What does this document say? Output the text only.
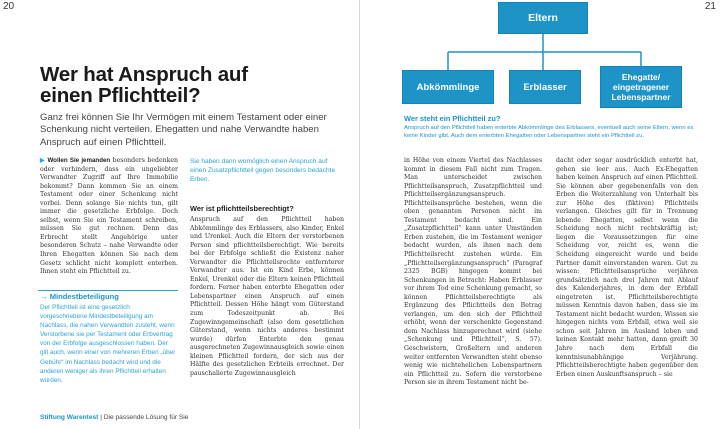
20
Wer hat Anspruch auf
einen Pflichtteil?
Ganz frei können Sie Ihr Vermögen mit einem Testament oder einer Schenkung nicht verteilen. Ehegatten und nahe Verwandte haben Anspruch auf einen Pflichtteil.

▶ Wollen Sie jemanden besonders bedenken oder verhindern, dass ein ungeliebter Verwandter Zugriff auf Ihre Immobilie bekommt? Dann kommen Sie an einem Testament oder einer Schenkung nicht vorbei. Denn solange Sie nichts tun, gilt immer die gesetzliche Erbfolge. Doch selbst, wenn Sie ein Testament schreiben, müssen Sie gut rechnen. Denn das Erbrecht stellt Angehörige unter besonderen Schutz – nahe Verwandte oder Ihren Ehegatten können Sie nach dem Gesetz schlicht nicht komplett enterben. Ihnen steht ein Pflichtteil zu.

→ Mindestbeteiligung
Der Pflichtteil ist eine gesetzlich vorgeschriebene Mindestbeteiligung am Nachlass, die nahen Verwandten zusteht, wenn Verstorbene sie per Testament oder Erbvertrag von der Erbfolge ausgeschlossen haben. Der gilt auch, wenn einer von mehreren Erben „über Gebühr“ im Nachlass bedacht wird und die anderen weniger als ihren Pflichtteil erhalten würden.
Sie haben dann womöglich einen Anspruch auf einen Zusatzpflichtteil gegen besonders bedachte Erben.
Wer ist pflichtteilsberechtigt?

Anspruch auf den Pflichtteil haben Abkömmlinge des Erblassers, also Kinder, Enkel und Urenkel. Auch die Eltern der verstorbenen Person sind pflichtteilsberechtigt. Wie bereits bei der Erbfolge schließt die Existenz naher Verwandter die Pflichtteilsrechte entfernterer Verwandter aus. Ist ein Kind Erbe, können Enkel, Urenkel oder die Eltern keinen Pflichtteil fordern. Ferner haben enterbte Ehegatten oder Lebenspartner einen Anspruch auf einen Pflichtteil. Dessen Höhe hängt vom Güterstand zum Todeszeitpunkt ab. Bei Zugewinngemeinschaft (also dem gesetzlichen Güterstand, wenn nichts anderes bestimmt wurde) dürfen Enterbte den genau ausgerechneten Zugewinnausgleich sowie einen kleinen Pflichtteil fordern, der sich aus der Hälfte des gesetzlichen Erbteils errechnet. Der pauschalierte Zugewinnausgleich

Stiftung Warentest | Die passende Lösung für Sie
21
Eltern
Abkömmlinge	Erblasser
Ehegatte/
eingetragener
Lebenspartner
Wer steht ein Pflichtteil zu?
Anspruch auf den Pflichtteil haben enterbte Abkömmlinge des Erblassers, eventuell auch seine Eltern, wenn es keine Kinder gibt. Auch dem enterbten Ehegatten oder Lebenspartner steht ein Pflichtteil zu.

in Höhe von einem Viertel des Nachlasses kommt in diesem Fall nicht zum Tragen. Man unterscheidet zwischen Pflichtteilsanspruch, Zusatzpflichtteil und Pflichtteilsergänzungsanspruch. Pflichtteilsansprüche bestehen, wenn die oben genannten Personen nicht im Testament bedacht sind. Ein „Zusatzpflichtteil“ kann unter Umständen Erben zustehen, die im Testament weniger bedacht wurden, als ihnen nach dem Pflichtteilsrecht zustehen würde. Ein „Pflichtteilsergänzungsanspruch“ (Paragraf 2325 BGB) hingegen kommt bei Schenkungen in Betracht: Haben Erblasser vor ihrem Tod eine Schenkung gemacht, so können Pflichtteilsberechtigte als Ergänzung des Pflichtteils den Betrag verlangen, um den sich der Pflichtteil erhöht, wenn der verschenkte Gegenstand dem Nachlass hinzugerechnet wird (siehe „Schenkung und Pflichtteil“, S. 57). Geschwistern, Großeltern und anderen weiter entfernten Verwandten steht ebenso wenig wie nichtehelichen Lebenspartnern ein Pflichtteil zu. Sofern die verstorbene Person sie in ihrem Testament nicht be-

dacht oder sogar ausdrücklich enterbt hat, gehen sie leer aus. Auch Ex-Ehegatten haben keinen Anspruch auf einen Pflichtteil. Sie können aber gegebenenfalls von den Erben die Weiterzahlung von Unterhalt bis zur Höhe des (fiktiven) Pflichtteils verlangen. Gleiches gilt für in Trennung lebende Ehegatten, selbst wenn die Scheidung noch nicht rechtskräftig ist; liegen die Voraussetzungen für eine Scheidung vor, reicht es, wenn die Scheidung eingereicht wurde und beide Partner damit einverstanden waren. Gut zu wissen: Pflichtteilsansprüche verjähren grundsätzlich nach drei Jahren mit Ablauf des Kalenderjahres, in dem der Erbfall eingetreten ist. Pflichtteilsberechtigte müssen Kenntnis davon haben, dass sie im Testament nicht bedacht wurden. Wissen sie hingegen nichts vom Erbfall, etwa weil sie schon seit Jahren im Ausland leben und keinen Kontakt mehr hatten, dann greift 30 Jahre nach dem Erbfall die kenntnisunabhängige Verjährung. Pflichtteilsberechtigte haben gegenüber den Erben einen Auskunftsanspruch – sie
